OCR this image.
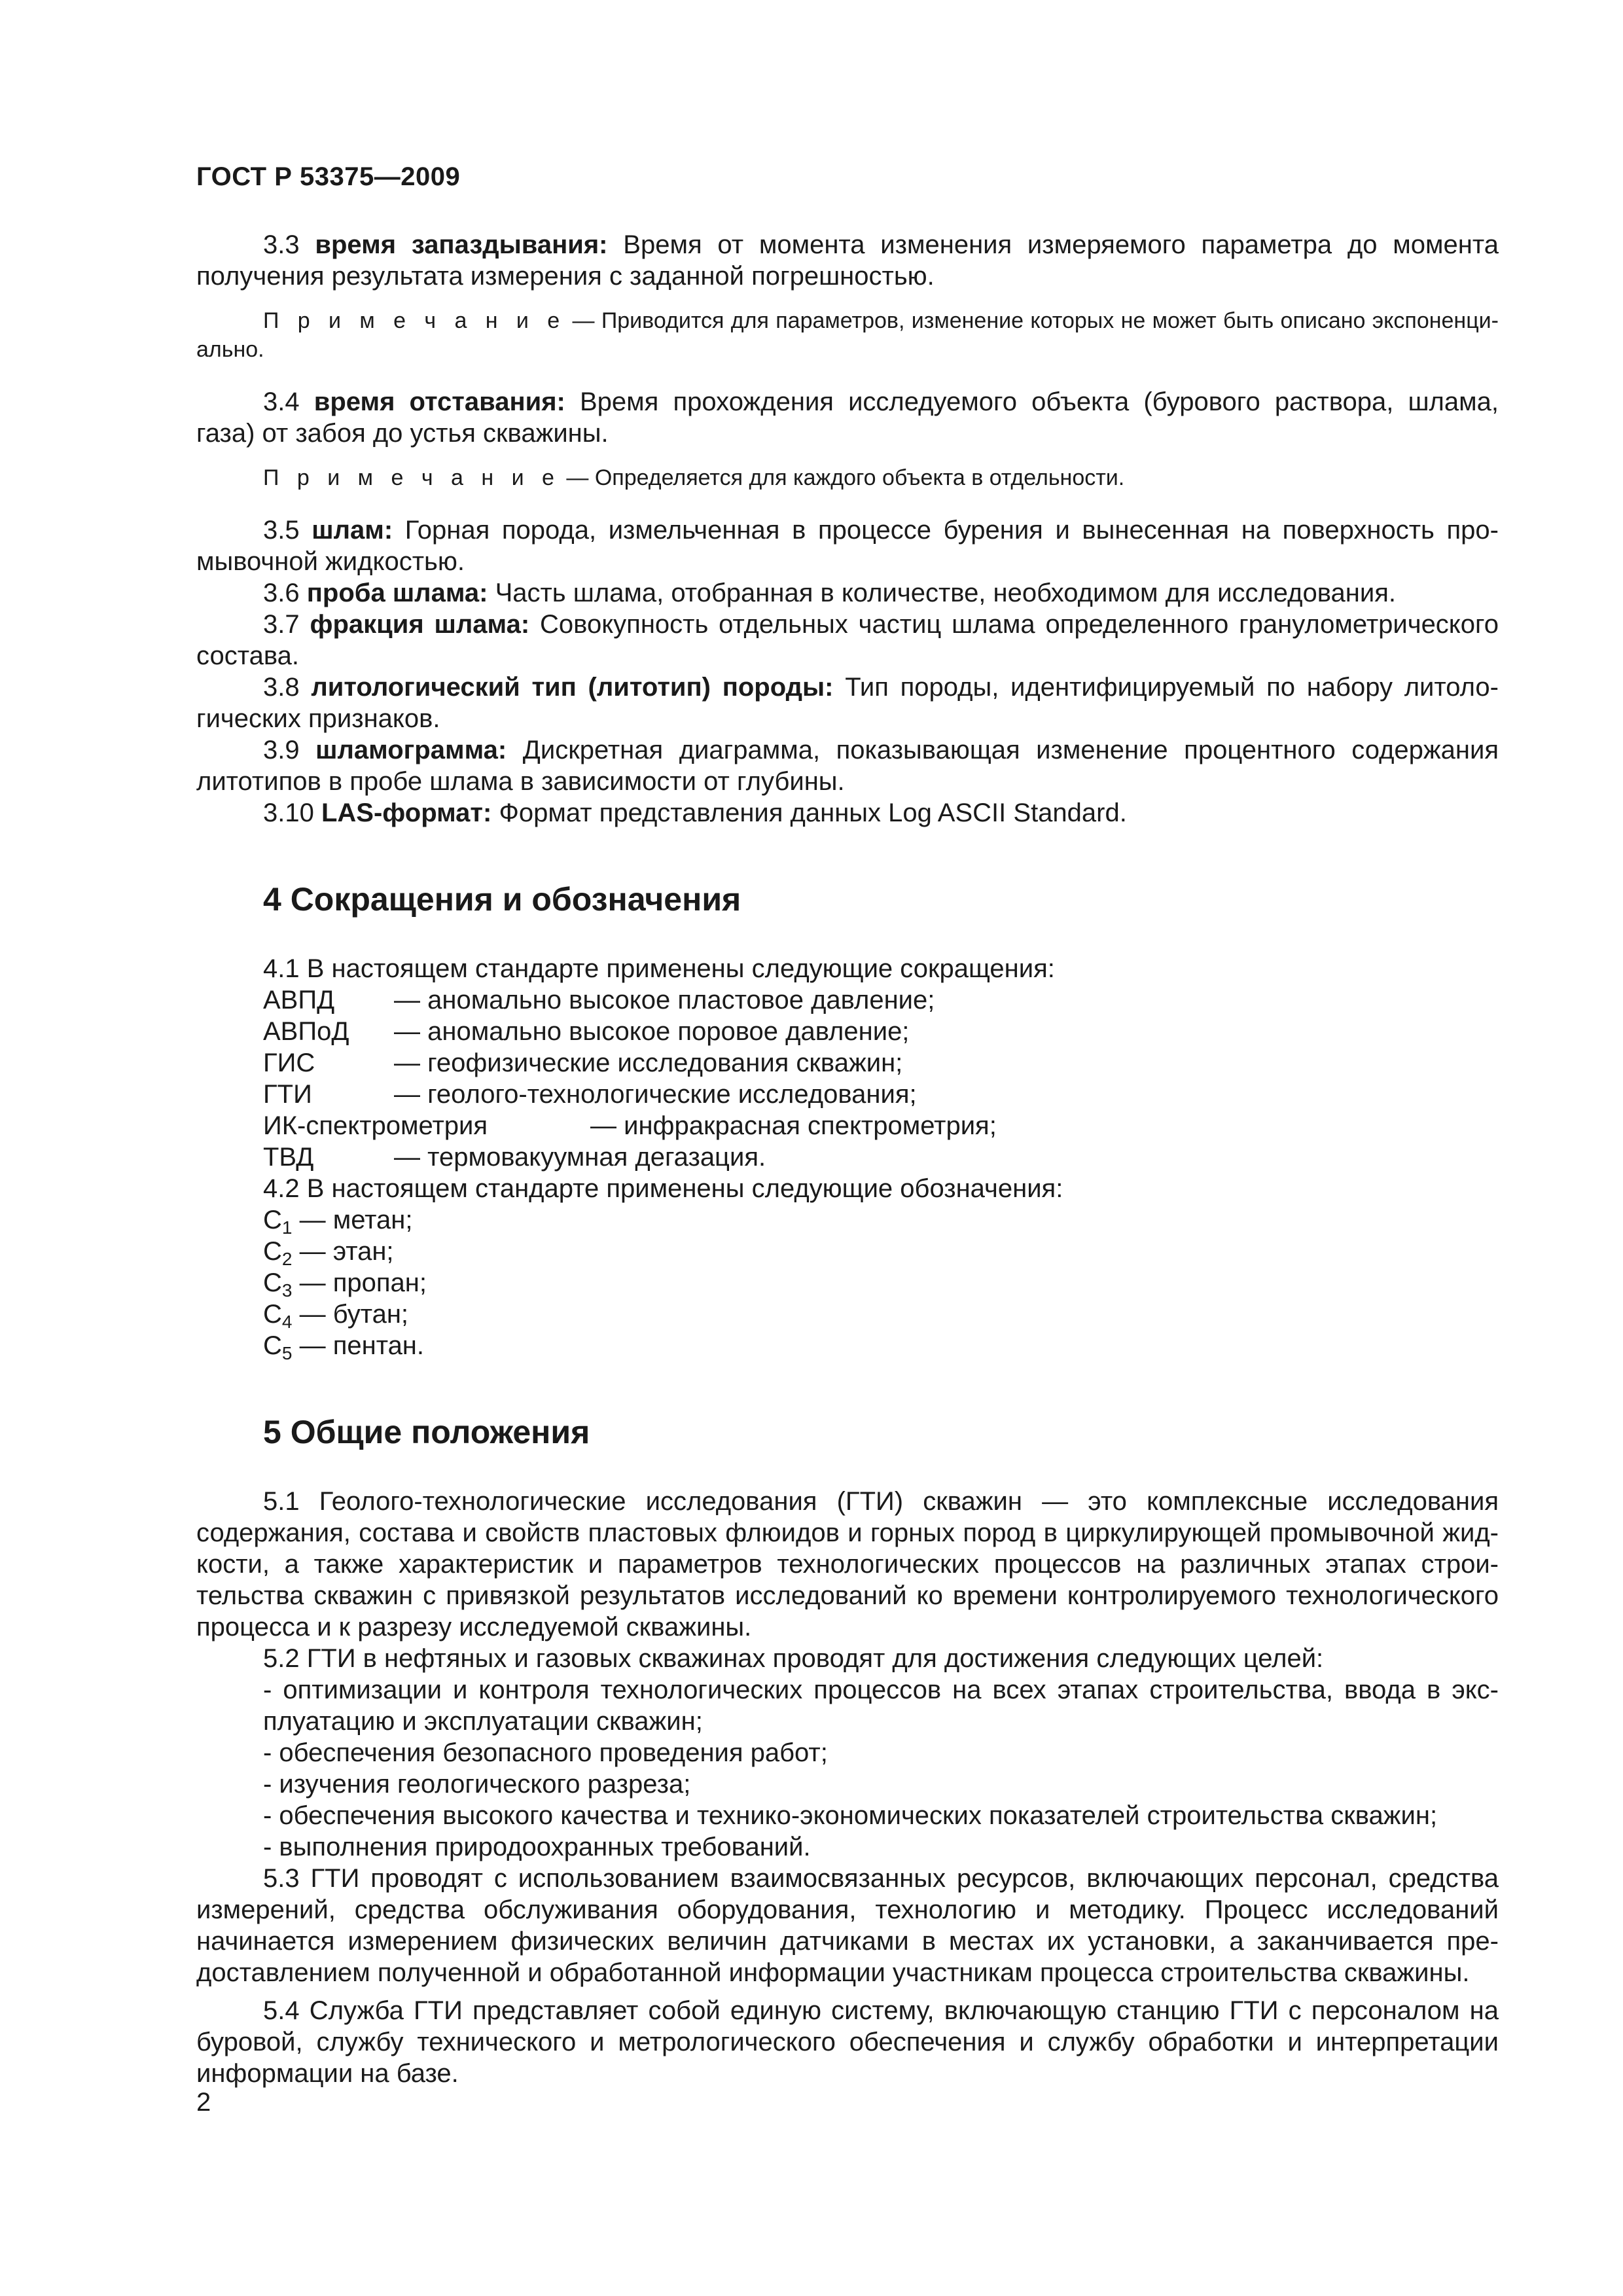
ГОСТ Р 53375—2009

3.3 время запаздывания: Время от момента изменения измеряемого параметра до момента получения результата измерения с заданной погрешностью.

П р и м е ч а н и е — Приводится для параметров, изменение которых не может быть описано экспоненциально.

3.4 время отставания: Время прохождения исследуемого объекта (бурового раствора, шлама, газа) от забоя до устья скважины.

П р и м е ч а н и е — Определяется для каждого объекта в отдельности.

3.5 шлам: Горная порода, измельченная в процессе бурения и вынесенная на поверхность промывочной жидкостью.

3.6 проба шлама: Часть шлама, отобранная в количестве, необходимом для исследования.

3.7 фракция шлама: Совокупность отдельных частиц шлама определенного гранулометрического состава.

3.8 литологический тип (литотип) породы: Тип породы, идентифицируемый по набору литологических признаков.

3.9 шламограмма: Дискретная диаграмма, показывающая изменение процентного содержания литотипов в пробе шлама в зависимости от глубины.

3.10 LAS-формат: Формат представления данных Log ASCII Standard.

4 Сокращения и обозначения
4.1 В настоящем стандарте применены следующие сокращения:
АВПД	— аномально высокое пластовое давление;
АВПоД	— аномально высокое поровое давление;
ГИС	— геофизические исследования скважин;
ГТИ	— геолого-технологические исследования;
ИК-спектрометрия	— инфракрасная спектрометрия;
ТВД	— термовакуумная дегазация.
4.2 В настоящем стандарте применены следующие обозначения:
$С_1$ — метан;
$С_2$ — этан;
$С_3$ — пропан;
$С_4$ — бутан;
$С_5$ — пентан.
5 Общие положения

5.1 Геолого-технологические исследования (ГТИ) скважин — это комплексные исследования содержания, состава и свойств пластовых флюидов и горных пород в циркулирующей промывочной жидкости, а также характеристик и параметров технологических процессов на различных этапах строительства скважин с привязкой результатов исследований ко времени контролируемого технологического процесса и к разрезу исследуемой скважины.

5.2 ГТИ в нефтяных и газовых скважинах проводят для достижения следующих целей:

- оптимизации и контроля технологических процессов на всех этапах строительства, ввода в эксплуатацию и эксплуатации скважин;
- обеспечения безопасного проведения работ;
- изучения геологического разреза;
- обеспечения высокого качества и технико-экономических показателей строительства скважин;
- выполнения природоохранных требований.

5.3 ГТИ проводят с использованием взаимосвязанных ресурсов, включающих персонал, средства измерений, средства обслуживания оборудования, технологию и методику. Процесс исследований начинается измерением физических величин датчиками в местах их установки, а заканчивается предоставлением полученной и обработанной информации участникам процесса строительства скважины.

5.4 Служба ГТИ представляет собой единую систему, включающую станцию ГТИ с персоналом на буровой, службу технического и метрологического обеспечения и службу обработки и интерпретации информации на базе.

2
